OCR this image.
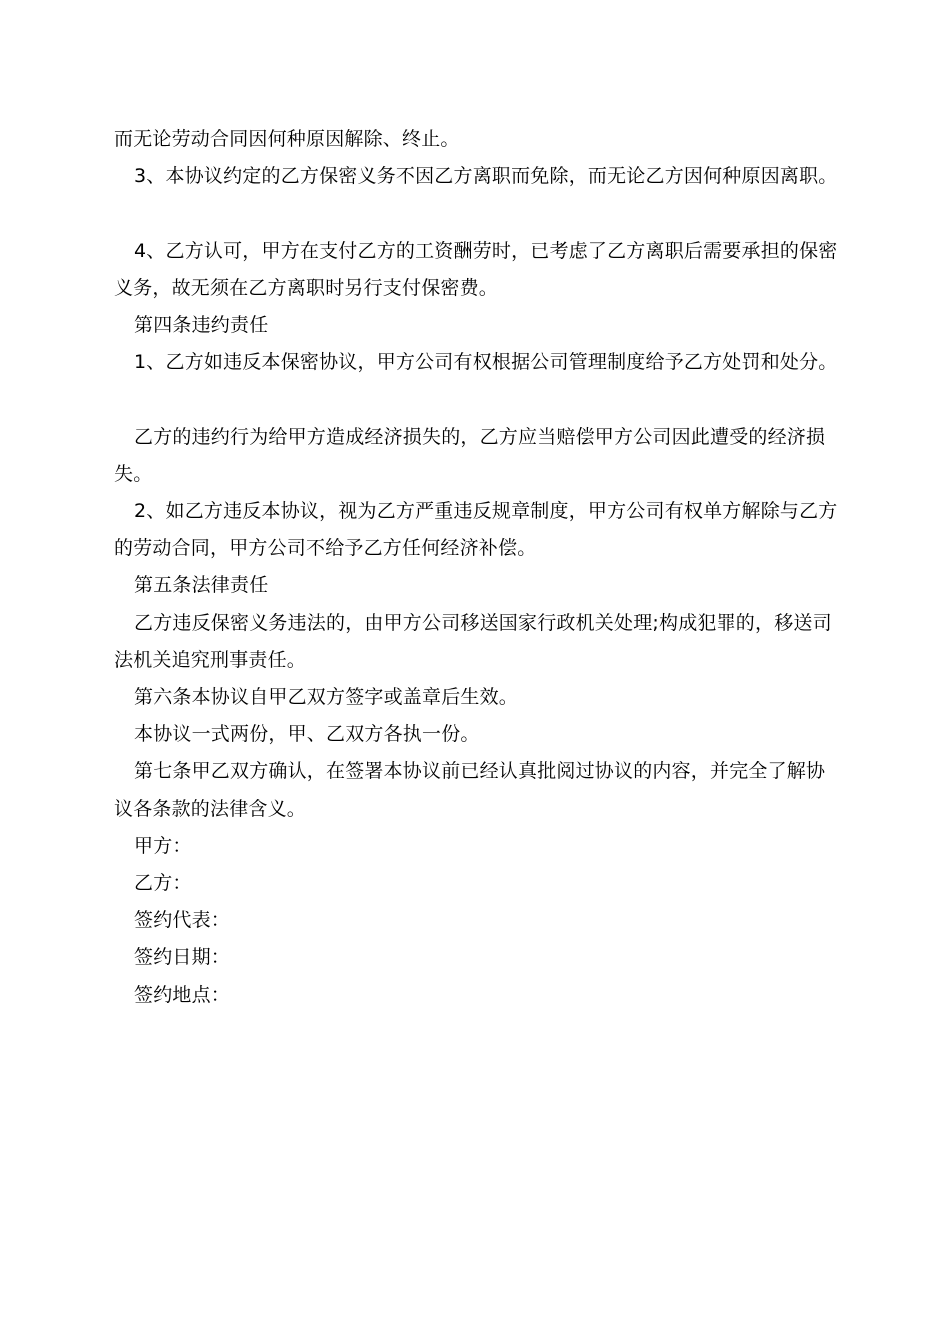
而无论劳动合同因何种原因解除、终止。
3、本协议约定的乙方保密义务不因乙方离职而免除，而无论乙方因何种原因离职。
4、乙方认可，甲方在支付乙方的工资酬劳时，已考虑了乙方离职后需要承担的保密
义务，故无须在乙方离职时另行支付保密费。
第四条违约责任
1、乙方如违反本保密协议，甲方公司有权根据公司管理制度给予乙方处罚和处分。
乙方的违约行为给甲方造成经济损失的，乙方应当赔偿甲方公司因此遭受的经济损
失。
2、如乙方违反本协议，视为乙方严重违反规章制度，甲方公司有权单方解除与乙方
的劳动合同，甲方公司不给予乙方任何经济补偿。
第五条法律责任
乙方违反保密义务违法的，由甲方公司移送国家行政机关处理;构成犯罪的，移送司
法机关追究刑事责任。
第六条本协议自甲乙双方签字或盖章后生效。
本协议一式两份，甲、乙双方各执一份。
第七条甲乙双方确认，在签署本协议前已经认真批阅过协议的内容，并完全了解协
议各条款的法律含义。
甲方：
乙方：
签约代表：
签约日期：
签约地点：
